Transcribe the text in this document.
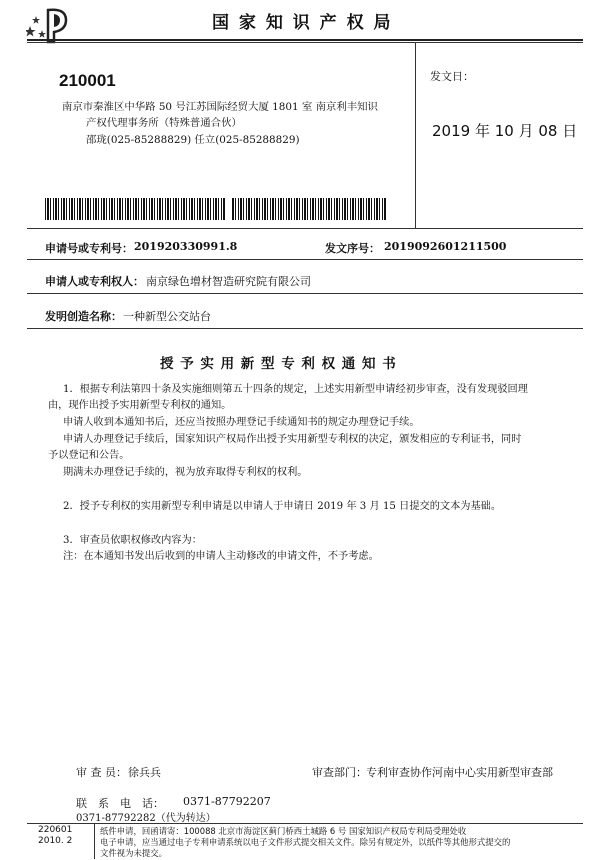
国 家 知 识 产 权 局
210001
南京市秦淮区中华路 50 号江苏国际经贸大厦 1801 室 南京利丰知识
产权代理事务所（特殊普通合伙）
邵珑(025-85288829) 任立(025-85288829)
发文日：
2019 年 10 月 08 日
申请号或专利号： 201920330991.8	发文序号： 2019092601211500
申请人或专利权人： 南京绿色增材智造研究院有限公司
发明创造名称： 一种新型公交站台
授 予 实 用 新 型 专 利 权 通 知 书
1．根据专利法第四十条及实施细则第五十四条的规定，上述实用新型申请经初步审查，没有发现驳回理
由，现作出授予实用新型专利权的通知。
申请人收到本通知书后，还应当按照办理登记手续通知书的规定办理登记手续。
申请人办理登记手续后，国家知识产权局作出授予实用新型专利权的决定，颁发相应的专利证书，同时
予以登记和公告。
期满未办理登记手续的，视为放弃取得专利权的权利。
2．授予专利权的实用新型专利申请是以申请人于申请日 2019 年 3 月 15 日提交的文本为基础。
3．审查员依职权修改内容为：
注：在本通知书发出后收到的申请人主动修改的申请文件，不予考虑。
审 查 员： 徐兵兵	审查部门： 专利审查协作河南中心实用新型审查部
联　系　电　话： 0371-87792207
0371-87792282（代为转达）
220601
2010. 2
纸件申请，回函请寄：100088 北京市海淀区蓟门桥西土城路 6 号 国家知识产权局专利局受理处收
电子申请，应当通过电子专利申请系统以电子文件形式提交相关文件。除另有规定外，以纸件等其他形式提交的
文件视为未提交。
